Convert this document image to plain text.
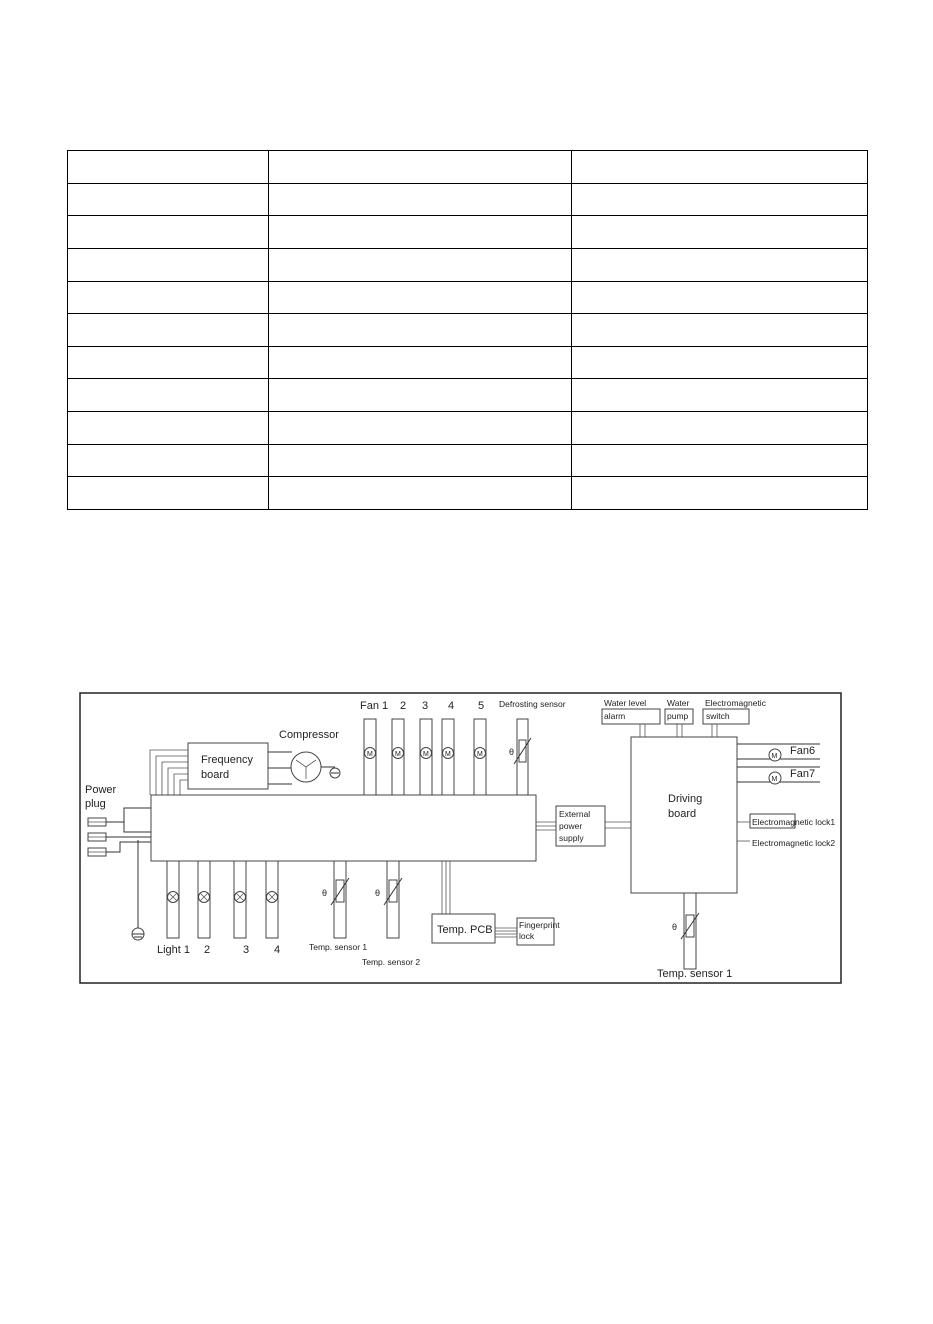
Power
plug
Frequency
board
Compressor
Fan 1 2 3 4 5
M	M	M M	M
Defrosting sensor
θ
External
power
supply
Driving
board
Water level
alarm
Water
pump
Electromagnetic
switch
M Fan6
M Fan7
Electromagnetic lock1
Electromagnetic lock2
θ
Temp. sensor 1
Light 1 2	3 4
θ	θ
Temp. sensor 1
Temp. sensor 2
Temp. PCB	Fingerprint
lock
